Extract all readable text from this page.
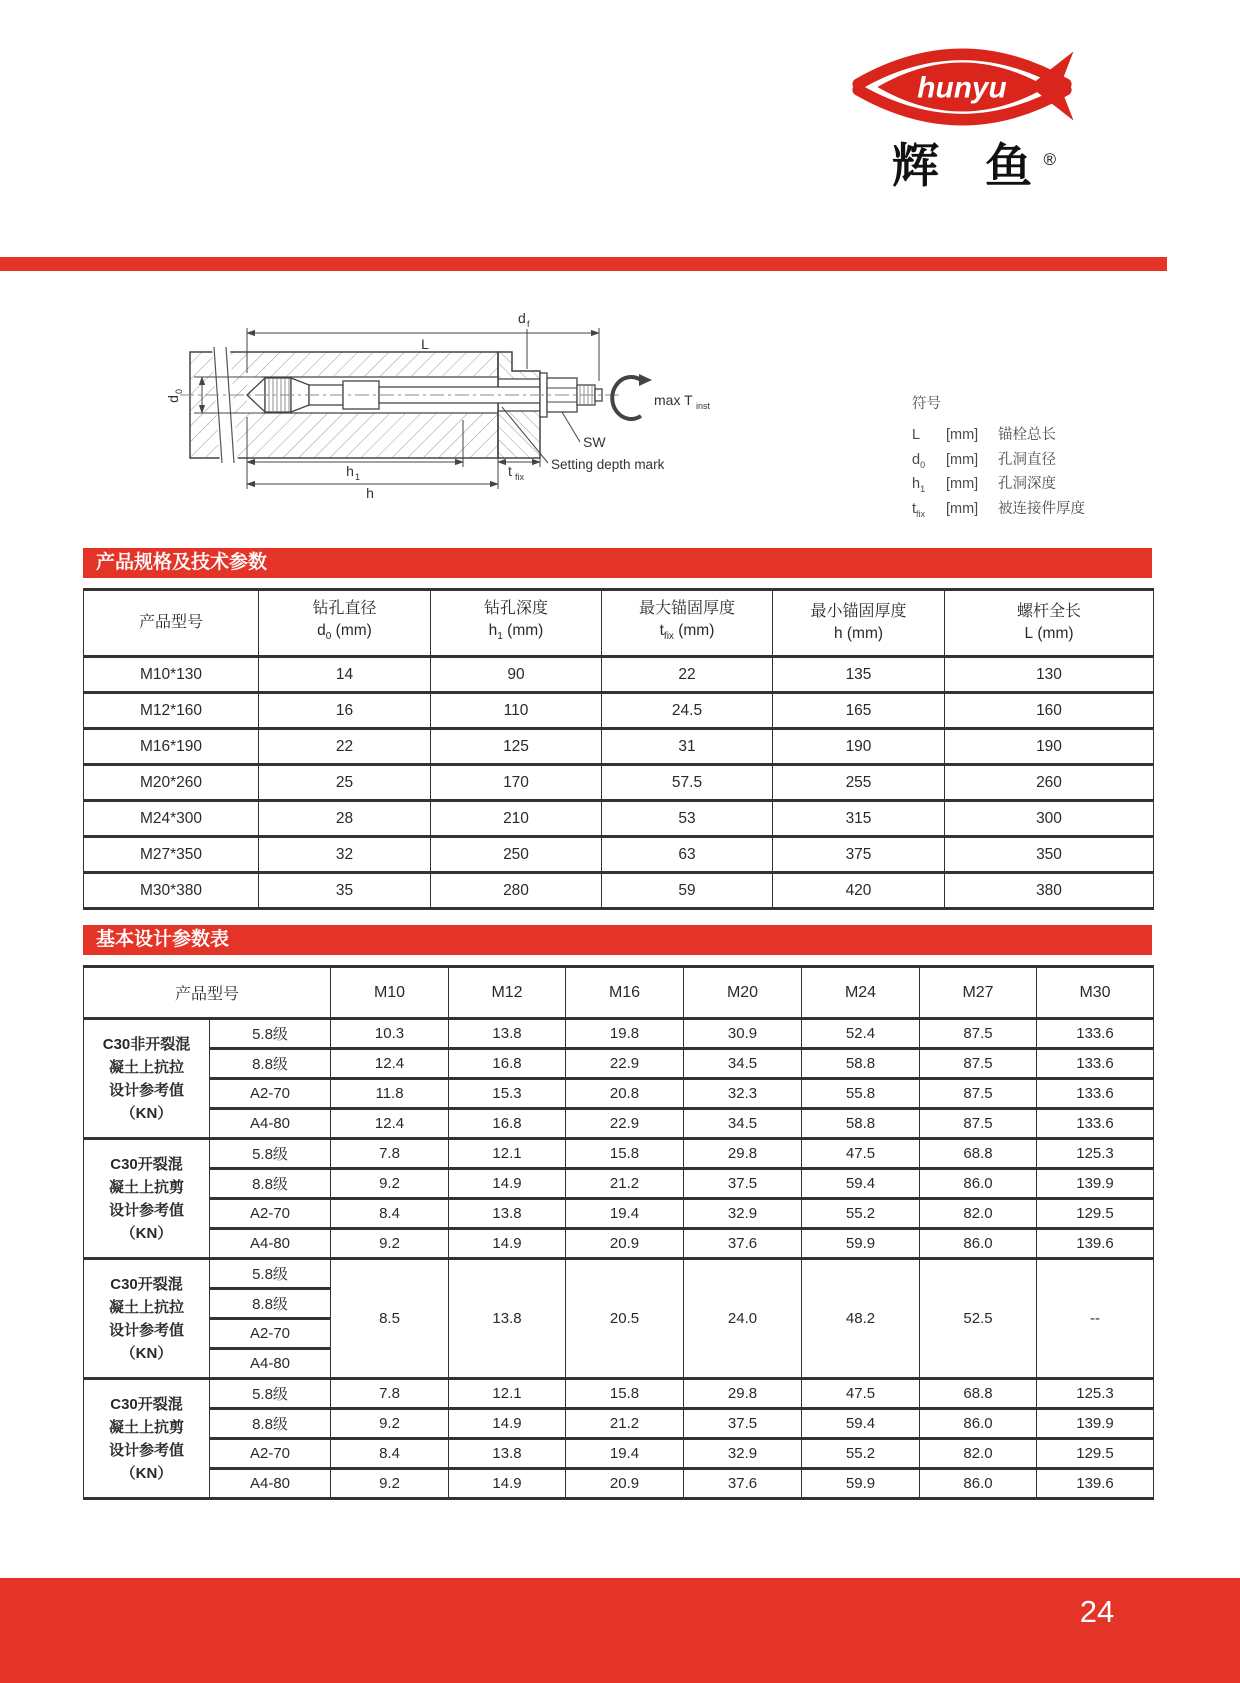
hunyu
辉 鱼 ®
L
d f
d
0
h 1
h
t fix
SW
Setting depth mark
max T inst	符号
L	[mm]	锚栓总长
$d_0$	[mm]	孔洞直径
$h_1$	[mm]	孔洞深度
$t_{fix}$	[mm]	被连接件厚度
产品规格及技术参数
产品型号

钻孔直径
$d_0$ (mm)

钻孔深度
$h_1$ (mm)

最大锚固厚度
$t_{fix}$ (mm)

最小锚固厚度
h (mm)

螺杆全长
L (mm)

M10*130	14	90	22	135	130
M12*160	16	110	24.5	165	160
M16*190	22	125	31	190	190
M20*260	25	170	57.5	255	260
M24*300	28	210	53	315	300
M27*350	32	250	63	375	350
M30*380	35	280	59	420	380
基本设计参数表
产品型号		M10	M12	M16	M20	M24	M27	M30

C30非开裂混
凝土上抗拉
设计参考值
（KN）	5.8级	10.3	13.8	19.8	30.9	52.4	87.5	133.6
	8.8级	12.4	16.8	22.9	34.5	58.8	87.5	133.6
	A2-70	11.8	15.3	20.8	32.3	55.8	87.5	133.6
	A4-80	12.4	16.8	22.9	34.5	58.8	87.5	133.6

C30开裂混
凝土上抗剪
设计参考值
（KN）	5.8级	7.8	12.1	15.8	29.8	47.5	68.8	125.3
	8.8级	9.2	14.9	21.2	37.5	59.4	86.0	139.9
	A2-70	8.4	13.8	19.4	32.9	55.2	82.0	129.5
	A4-80	9.2	14.9	20.9	37.6	59.9	86.0	139.6

C30开裂混
凝土上抗拉
设计参考值
（KN）	5.8级	8.5	13.8	20.5	24.0	48.2	52.5	--
	8.8级							
	A2-70							
	A4-80							

C30开裂混
凝土上抗剪
设计参考值
（KN）	5.8级	7.8	12.1	15.8	29.8	47.5	68.8	125.3
	8.8级	9.2	14.9	21.2	37.5	59.4	86.0	139.9
	A2-70	8.4	13.8	19.4	32.9	55.2	82.0	129.5
	A4-80	9.2	14.9	20.9	37.6	59.9	86.0	139.6
24
